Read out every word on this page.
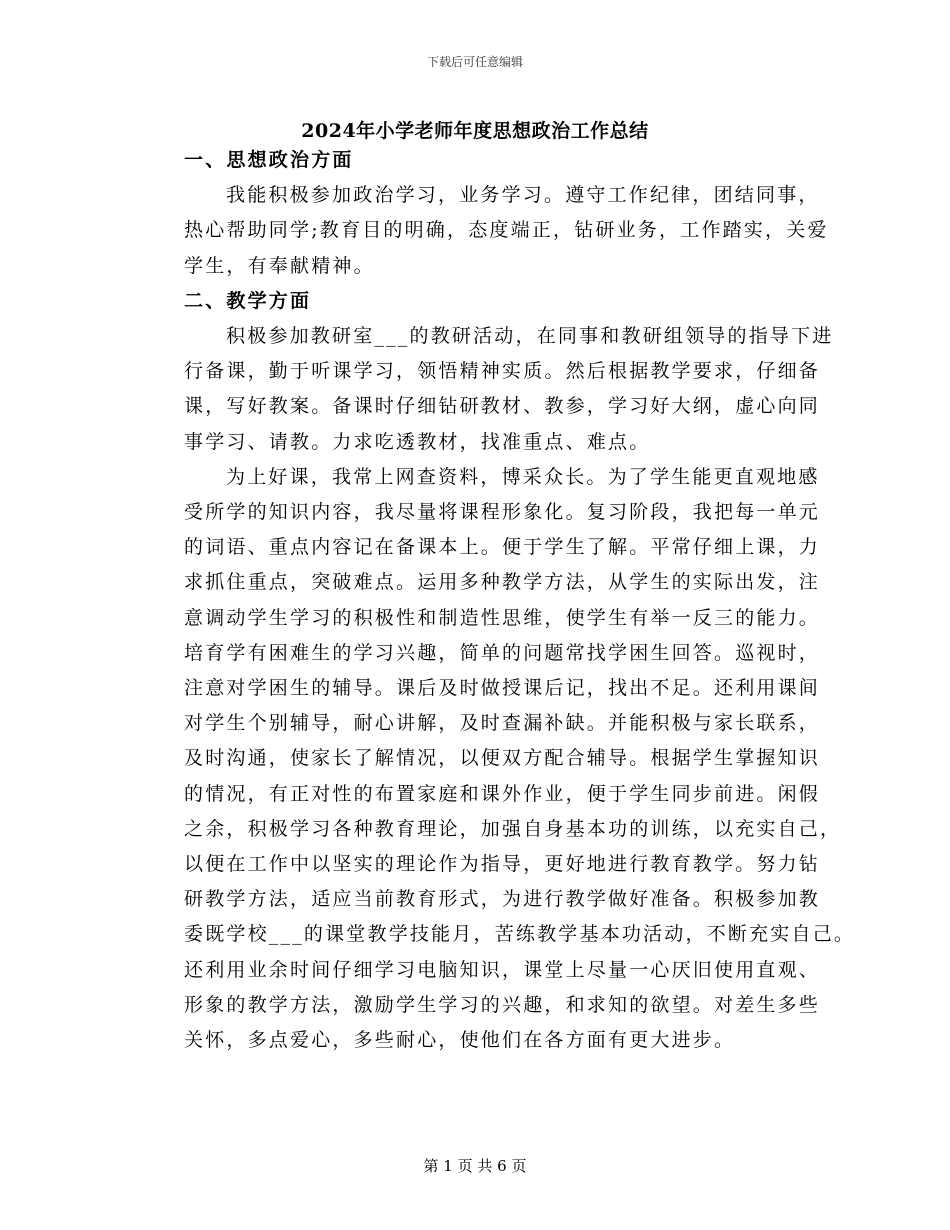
下载后可任意编辑
2024年小学老师年度思想政治工作总结

一、思想政治方面

我能积极参加政治学习，业务学习。遵守工作纪律，团结同事，
热心帮助同学;教育目的明确，态度端正，钻研业务，工作踏实，关爱
学生，有奉献精神。

二、教学方面

积极参加教研室___的教研活动，在同事和教研组领导的指导下进
行备课，勤于听课学习，领悟精神实质。然后根据教学要求，仔细备
课，写好教案。备课时仔细钻研教材、教参，学习好大纲，虚心向同
事学习、请教。力求吃透教材，找准重点、难点。

为上好课，我常上网查资料，博采众长。为了学生能更直观地感
受所学的知识内容，我尽量将课程形象化。复习阶段，我把每一单元
的词语、重点内容记在备课本上。便于学生了解。平常仔细上课，力
求抓住重点，突破难点。运用多种教学方法，从学生的实际出发，注
意调动学生学习的积极性和制造性思维，使学生有举一反三的能力。
培育学有困难生的学习兴趣，简单的问题常找学困生回答。巡视时，
注意对学困生的辅导。课后及时做授课后记，找出不足。还利用课间
对学生个别辅导，耐心讲解，及时查漏补缺。并能积极与家长联系，
及时沟通，使家长了解情况，以便双方配合辅导。根据学生掌握知识
的情况，有正对性的布置家庭和课外作业，便于学生同步前进。闲假
之余，积极学习各种教育理论，加强自身基本功的训练，以充实自己，
以便在工作中以坚实的理论作为指导，更好地进行教育教学。努力钻
研教学方法，适应当前教育形式，为进行教学做好准备。积极参加教
委既学校___的课堂教学技能月，苦练教学基本功活动，不断充实自己。
还利用业余时间仔细学习电脑知识，课堂上尽量一心厌旧使用直观、
形象的教学方法，激励学生学习的兴趣，和求知的欲望。对差生多些
关怀，多点爱心，多些耐心，使他们在各方面有更大进步。

第 1 页 共 6 页
